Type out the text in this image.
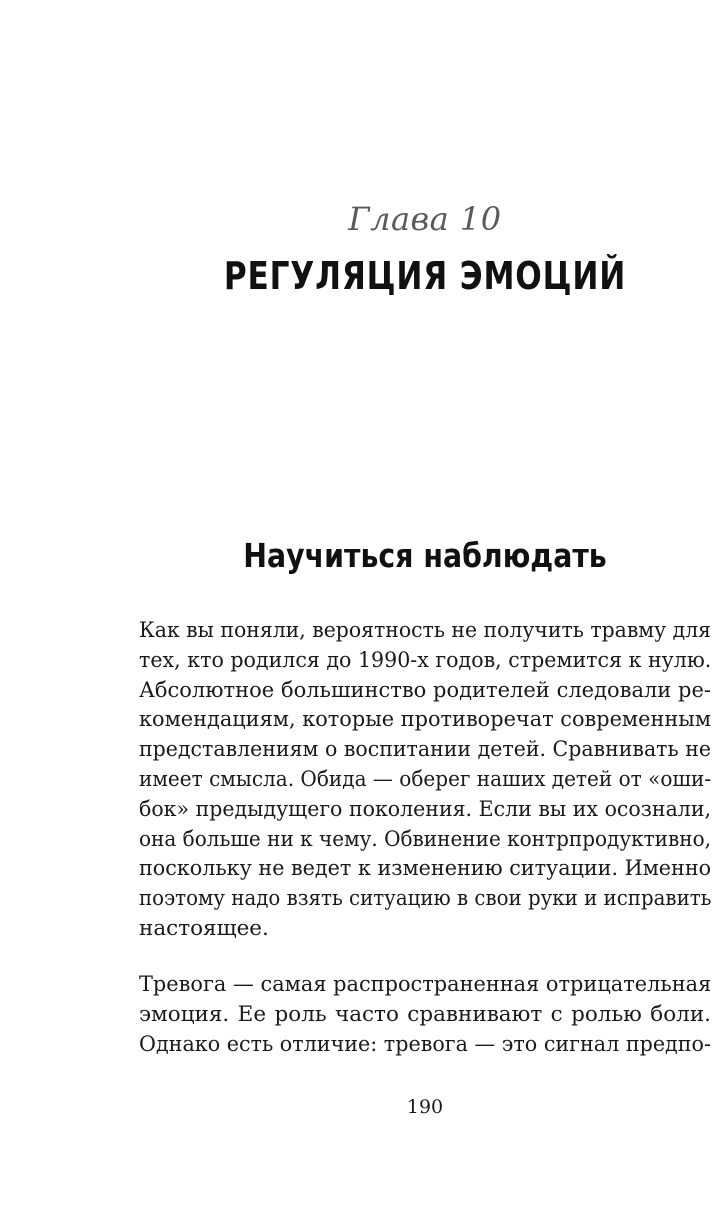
Глава 10
РЕГУЛЯЦИЯ ЭМОЦИЙ
Научиться наблюдать
Как вы поняли, вероятность не получить травму для
тех, кто родился до 1990-х годов, стремится к нулю.
Абсолютное большинство родителей следовали ре-
комендациям, которые противоречат современным
представлениям о воспитании детей. Сравнивать не
имеет смысла. Обида — оберег наших детей от «оши-
бок» предыдущего поколения. Если вы их осознали,
она больше ни к чему. Обвинение контрпродуктивно,
поскольку не ведет к изменению ситуации. Именно
поэтому надо взять ситуацию в свои руки и исправить
настоящее.
Тревога — самая распространенная отрицательная
эмоция. Ее роль часто сравнивают с ролью боли.
Однако есть отличие: тревога — это сигнал предпо-
190
